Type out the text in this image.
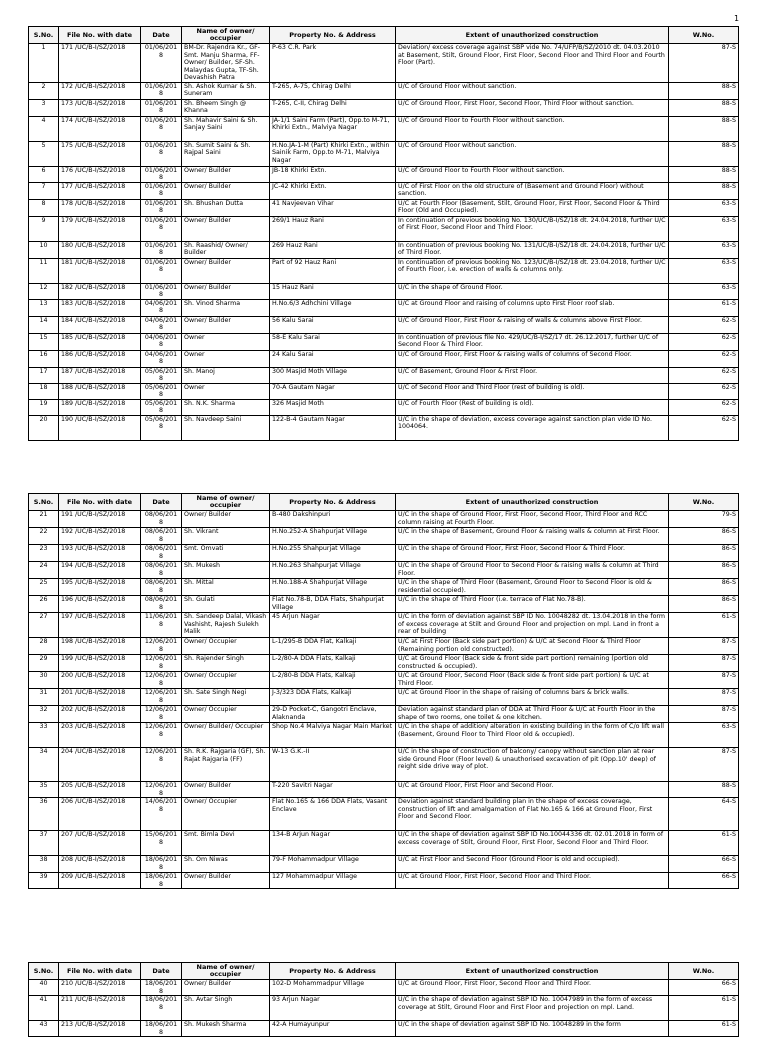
1
S.No.	File No. with date	Date	Name of owner/ occupier	Property No. & Address	Extent of unauthorized construction	W.No.
1	171 /UC/B-I/SZ/2018	01/06/2018	BM-Dr. Rajendra Kr., GF-Smt. Manju Sharma, FF-Owner/ Builder, SF-Sh. Malaydas Gupta, TF-Sh. Devashish Patra	P-63 C.R. Park	Deviation/ excess coverage against SBP vide No. 74/UFP/B/SZ/2010 dt. 04.03.2010 at Basement, Stilt, Ground Floor, First Floor, Second Floor and Third Floor and Fourth Floor (Part).	87-S
2	172 /UC/B-I/SZ/2018	01/06/2018	Sh. Ashok Kumar & Sh. Suneram	T-265, A-75, Chirag Delhi	U/C of Ground Floor without sanction.	88-S
3	173 /UC/B-I/SZ/2018	01/06/2018	Sh. Bheem Singh @ Khanna	T-265, C-II, Chirag Delhi	U/C of Ground Floor, First Floor, Second Floor, Third Floor without sanction.	88-S
4	174 /UC/B-I/SZ/2018	01/06/2018	Sh. Mahavir Saini & Sh. Sanjay Saini	JA-1/1 Saini Farm (Part), Opp.to M-71, Khirki Extn., Malviya Nagar	U/C of Ground Floor to Fourth Floor without sanction.	88-S
5	175 /UC/B-I/SZ/2018	01/06/2018	Sh. Sumit Saini & Sh. Rajpal Saini	H.No.JA-1-M (Part) Khirki Extn., within Sainik Farm, Opp.to M-71, Malviya Nagar	U/C of Ground Floor without sanction.	88-S
6	176 /UC/B-I/SZ/2018	01/06/2018	Owner/ Builder	JB-18 Khirki Extn.	U/C of Ground Floor to Fourth Floor without sanction.	88-S
7	177 /UC/B-I/SZ/2018	01/06/2018	Owner/ Builder	JC-42 Khirki Extn.	U/C of First Floor on the old structure of (Basement and Ground Floor) without sanction.	88-S
8	178 /UC/B-I/SZ/2018	01/06/2018	Sh. Bhushan Dutta	41 Navjeevan Vihar	U/C at Fourth Floor (Basement, Stilt, Ground Floor, First Floor, Second Floor & Third Floor (Old and Occupied).	63-S
9	179 /UC/B-I/SZ/2018	01/06/2018	Owner/ Builder	269/1 Hauz Rani	In continuation of previous booking No. 130/UC/B-I/SZ/18 dt. 24.04.2018, further U/C of First Floor, Second Floor and Third Floor.	63-S
10	180 /UC/B-I/SZ/2018	01/06/2018	Sh. Raashid/ Owner/ Builder	269 Hauz Rani	In continuation of previous booking No. 131/UC/B-I/SZ/18 dt. 24.04.2018, further U/C of Third Floor.	63-S
11	181 /UC/B-I/SZ/2018	01/06/2018	Owner/ Builder	Part of 92 Hauz Rani	In continuation of previous booking No. 123/UC/B-I/SZ/18 dt. 23.04.2018, further U/C of Fourth Floor, i.e. erection of walls & columns only.	63-S
12	182 /UC/B-I/SZ/2018	01/06/2018	Owner/ Builder	15 Hauz Rani	U/C in the shape of Ground Floor.	63-S
13	183 /UC/B-I/SZ/2018	04/06/2018	Sh. Vinod Sharma	H.No.6/3 Adhchini Village	U/C at Ground Floor and raising of columns upto First Floor roof slab.	61-S
14	184 /UC/B-I/SZ/2018	04/06/2018	Owner/ Builder	56 Kalu Sarai	U/C of Ground Floor, First Floor & raising of walls & columns above First Floor.	62-S
15	185 /UC/B-I/SZ/2018	04/06/2018	Owner	58-E Kalu Sarai	In continuation of previous file No. 429/UC/B-I/SZ/17 dt. 26.12.2017, further U/C of Second Floor & Third Floor.	62-S
16	186 /UC/B-I/SZ/2018	04/06/2018	Owner	24 Kalu Sarai	U/C of Ground Floor, First Floor & raising walls of columns of Second Floor.	62-S
17	187 /UC/B-I/SZ/2018	05/06/2018	Sh. Manoj	300 Masjid Moth Village	U/C of Basement, Ground Floor & First Floor.	62-S
18	188 /UC/B-I/SZ/2018	05/06/2018	Owner	70-A Gautam Nagar	U/C of Second Floor and Third Floor (rest of building is old).	62-S
19	189 /UC/B-I/SZ/2018	05/06/2018	Sh. N.K. Sharma	326 Masjid Moth	U/C of Fourth Floor (Rest of building is old).	62-S
20	190 /UC/B-I/SZ/2018	05/06/2018	Sh. Navdeep Saini	122-B-4 Gautam Nagar	U/C in the shape of deviation, excess coverage against sanction plan vide ID No. 1004064.	62-S
S.No.	File No. with date	Date	Name of owner/ occupier	Property No. & Address	Extent of unauthorized construction	W.No.
21	191 /UC/B-I/SZ/2018	08/06/2018	Owner/ Builder	B-480 Dakshinpuri	U/C in the shape of Ground Floor, First Floor, Second Floor, Third Floor and RCC column raising at Fourth Floor.	79-S
22	192 /UC/B-I/SZ/2018	08/06/2018	Sh. Vikrant	H.No.252-A Shahpurjat Village	U/C in the shape of Basement, Ground Floor & raising walls & column at First Floor.	86-S
23	193 /UC/B-I/SZ/2018	08/06/2018	Smt. Omvati	H.No.255 Shahpurjat Village	U/C in the shape of Ground Floor, First Floor, Second Floor & Third Floor.	86-S
24	194 /UC/B-I/SZ/2018	08/06/2018	Sh. Mukesh	H.No.263 Shahpurjat Village	U/C in the shape of Ground Floor to Second Floor & raising walls & column at Third Floor.	86-S
25	195 /UC/B-I/SZ/2018	08/06/2018	Sh. Mittal	H.No.188-A Shahpurjat Village	U/C in the shape of Third Floor (Basement, Ground Floor to Second Floor is old & residential occupied).	86-S
26	196 /UC/B-I/SZ/2018	08/06/2018	Sh. Gulati	Flat No.78-B, DDA Flats, Shahpurjat Village	U/C in the shape of Third Floor (i.e. terrace of Flat No.78-B).	86-S
27	197 /UC/B-I/SZ/2018	11/06/2018	Sh. Sandeep Dalal, Vikash Vashisht, Rajesh Sulekh Malik	45 Arjun Nagar	U/C in the form of deviation against SBP ID No. 10048282 dt. 13.04.2018 in the form of excess coverage at Stilt and Ground Floor and projection on mpl. Land in front a rear of building	61-S
28	198 /UC/B-I/SZ/2018	12/06/2018	Owner/ Occupier	L-1/295-B DDA Flat, Kalkaji	U/C at First Floor (Back side part portion) & U/C at Second Floor & Third Floor (Remaining portion old constructed).	87-S
29	199 /UC/B-I/SZ/2018	12/06/2018	Sh. Rajender Singh	L-2/80-A DDA Flats, Kalkaji	U/C at Ground Floor (Back side & front side part portion) remaining (portion old constructed & occupied).	87-S
30	200 /UC/B-I/SZ/2018	12/06/2018	Owner/ Occupier	L-2/80-B DDA Flats, Kalkaji	U/C at Ground Floor, Second Floor (Back side & front side part portion) & U/C at Third Floor.	87-S
31	201 /UC/B-I/SZ/2018	12/06/2018	Sh. Sate Singh Negi	J-3/323 DDA Flats, Kalkaji	U/C at Ground Floor in the shape of raising of columns bars & brick walls.	87-S
32	202 /UC/B-I/SZ/2018	12/06/2018	Owner/ Occupier	29-D Pocket-C, Gangotri Enclave, Alaknanda	Deviation against standard plan of DDA at Third Floor & U/C at Fourth Floor in the shape of two rooms, one toilet & one kitchen.	87-S
33	203 /UC/B-I/SZ/2018	12/06/2018	Owner/ Builder/ Occupier	Shop No.4 Malviya Nagar Main Market	U/C in the shape of addition/ alteration in existing building in the form of C/o lift wall (Basement, Ground Floor to Third Floor old & occupied).	63-S
34	204 /UC/B-I/SZ/2018	12/06/2018	Sh. R.K. Rajgaria (GF), Sh. Rajat Rajgaria (FF)	W-13 G.K.-II	U/C in the shape of construction of balcony/ canopy without sanction plan at rear side Ground Floor (Floor level) & unauthorised excavation of pit (Opp.10' deep) of reight side drive way of plot.	87-S
35	205 /UC/B-I/SZ/2018	12/06/2018	Owner/ Builder	T-220 Savitri Nagar	U/C at Ground Floor, First Floor and Second Floor.	88-S
36	206 /UC/B-I/SZ/2018	14/06/2018	Owner/ Occupier	Flat No.165 & 166 DDA Flats, Vasant Enclave	Deviation against standard building plan in the shape of excess coverage, construction of lift and amalgamation of Flat No.165 & 166 at Ground Floor, First Floor and Second Floor.	64-S
37	207 /UC/B-I/SZ/2018	15/06/2018	Smt. Bimla Devi	134-B Arjun Nagar	U/C in the shape of deviation against SBP ID No.10044336 dt. 02.01.2018 in form of excess coverage of Stilt, Ground Floor, First Floor, Second Floor and Third Floor.	61-S
38	208 /UC/B-I/SZ/2018	18/06/2018	Sh. Om Niwas	79-F Mohammadpur Village	U/C at First Floor and Second Floor (Ground Floor is old and occupied).	66-S
39	209 /UC/B-I/SZ/2018	18/06/2018	Owner/ Builder	127 Mohammadpur Village	U/C at Ground Floor, First Floor, Second Floor and Third Floor.	66-S
S.No.	File No. with date	Date	Name of owner/ occupier	Property No. & Address	Extent of unauthorized construction	W.No.
40	210 /UC/B-I/SZ/2018	18/06/2018	Owner/ Builder	102-D Mohammadpur Village	U/C at Ground Floor, First Floor, Second Floor and Third Floor.	66-S
41	211 /UC/B-I/SZ/2018	18/06/2018	Sh. Avtar Singh	93 Arjun Nagar	U/C in the shape of deviation against SBP ID No. 10047989 in the form of excess coverage at Stilt, Ground Floor and First Floor and projection on mpl. Land.	61-S
43	213 /UC/B-I/SZ/2018	18/06/2018	Sh. Mukesh Sharma	42-A Humayunpur	U/C in the shape of deviation against SBP ID No. 10048289 in the form	61-S
